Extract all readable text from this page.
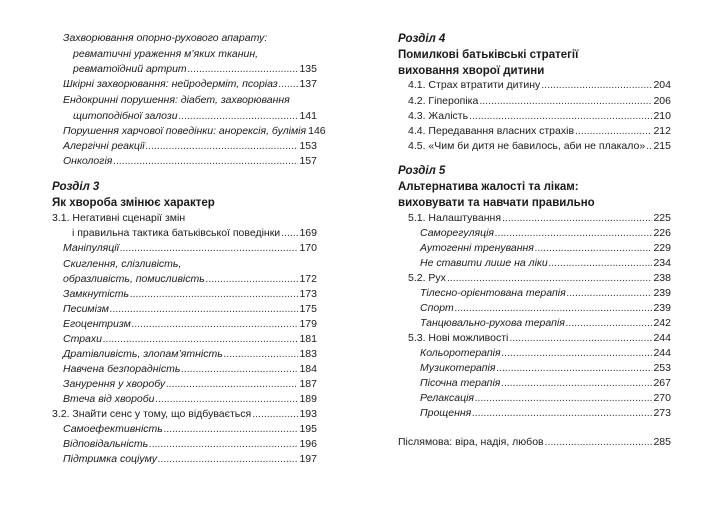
Захворювання опорно-рухового апарату:
ревматичні ураження м’яких тканин,
ревматоїдний артрит .....	135
Шкірні захворювання: нейродерміт, псоріаз ..... 137
Ендокринні порушення: діабет, захворювання
щитоподібної залози .....	141
Порушення харчової поведінки: анорексія, булімія 146
Алергічні реакції .....	153
Онкологія .....	157
Розділ 3
Як хвороба змінює характер
3.1. Негативні сценарії змін
і правильна тактика батьківської поведінки ..... 169
Маніпуляції .....	170
Скиглення, слізливість,
образливість, помисливість .....	172
Замкнутість .....	173
Песимізм .....	175
Егоцентризм .....	179
Страхи .....	181
Дратівливість, злопам’ятність .....	183
Навчена безпорадність .....	184
Занурення у хворобу .....	187
Втеча від хвороби .....	189
3.2. Знайти сенс у тому, що відбувається .....	193
Самоефективність .....	195
Відповідальність .....	196
Підтримка соціуму .....	197
Розділ 4
Помилкові батьківські стратегії
виховання хворої дитини
4.1. Страх втратити дитину .....	204
4.2. Гіперопіка .....	206
4.3. Жалість .....	210
4.4. Передавання власних страхів .....	212
4.5. «Чим би дитя не бавилось, аби не плакало» ..... 215
Розділ 5
Альтернатива жалості та лікам:
виховувати та навчати правильно
5.1. Налаштування .....	225
Саморегуляція .....	226
Аутогенні тренування .....	229
Не ставити лише на ліки .....	234
5.2. Рух .....	238
Тілесно-орієнтована терапія .....	239
Спорт .....	239
Танцювально-рухова терапія .....	242
5.3. Нові можливості .....	244
Кольоротерапія .....	244
Музикотерапія .....	253
Пісочна терапія .....	267
Релаксація .....	270
Прощення .....	273
Післямова: віра, надія, любов .....	285
